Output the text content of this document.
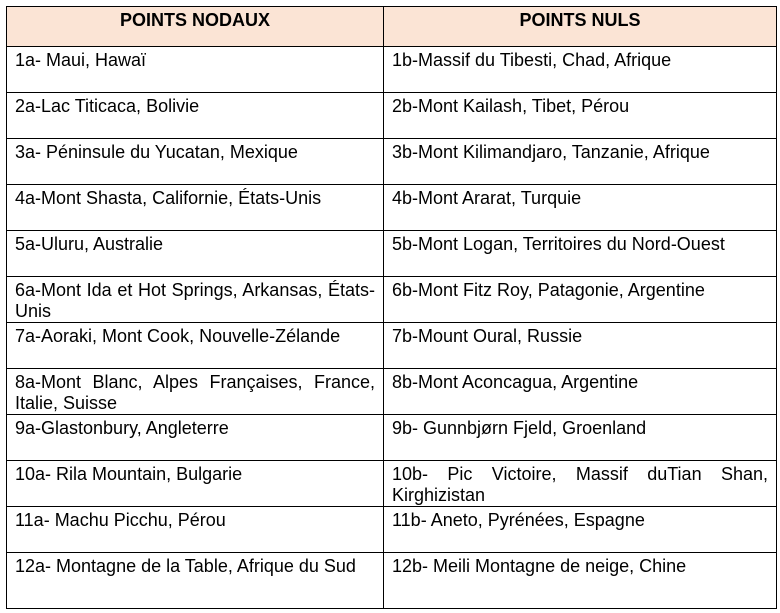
POINTS NODAUX	POINTS NULS
1a- Maui, Hawaï	1b-Massif du Tibesti, Chad, Afrique
2a-Lac Titicaca, Bolivie	2b-Mont Kailash, Tibet, Pérou
3a- Péninsule du Yucatan, Mexique	3b-Mont Kilimandjaro, Tanzanie, Afrique
4a-Mont Shasta, Californie, États-Unis	4b-Mont Ararat, Turquie
5a-Uluru, Australie	5b-Mont Logan, Territoires du Nord-Ouest
6a-Mont Ida et Hot Springs, Arkansas, États-Unis	6b-Mont Fitz Roy, Patagonie, Argentine
7a-Aoraki, Mont Cook, Nouvelle-Zélande	7b-Mount Oural, Russie
8a-Mont Blanc, Alpes Françaises, France, Italie, Suisse	8b-Mont Aconcagua, Argentine
9a-Glastonbury, Angleterre	9b- Gunnbjørn Fjeld, Groenland
10a- Rila Mountain, Bulgarie	10b- Pic Victoire, Massif duTian Shan, Kirghizistan
11a- Machu Picchu, Pérou	11b- Aneto, Pyrénées, Espagne
12a- Montagne de la Table, Afrique du Sud	12b- Meili Montagne de neige, Chine
